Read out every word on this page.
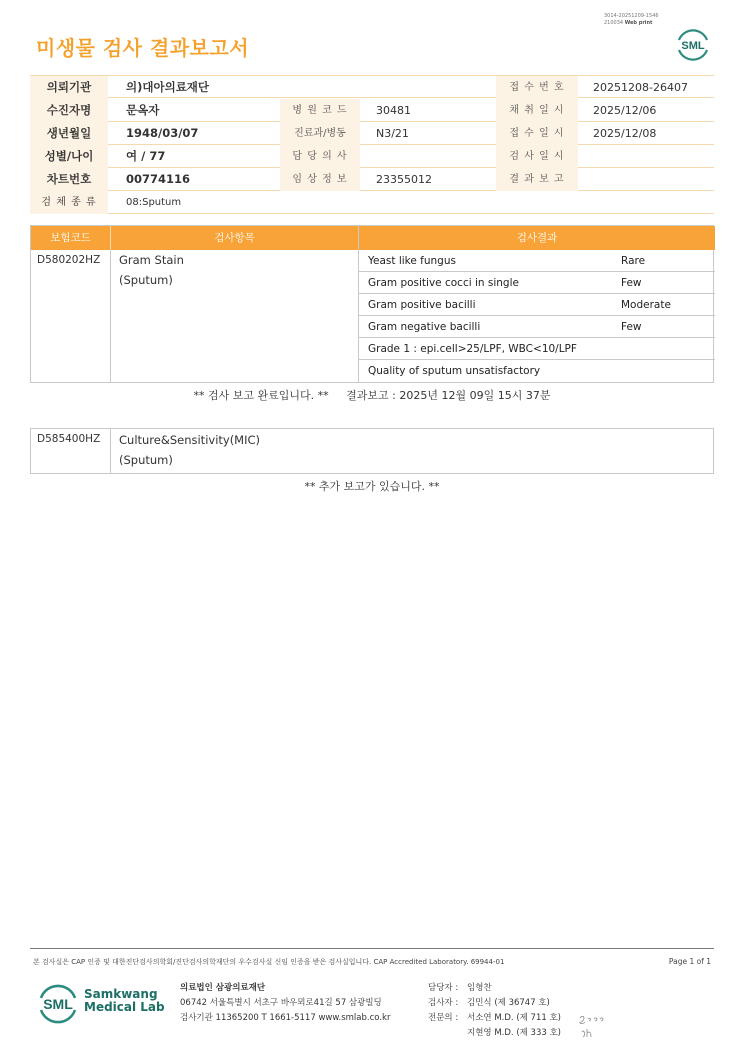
3014-20251209-1546
210034 Web print
미생물 검사 결과보고서	SML
의뢰기관	의)대아의료재단	접 수 번 호	20251208-26407
수진자명	문옥자	병 원 코 드	30481	채 취 일 시	2025/12/06
생년월일	1948/03/07	진료과/병동	N3/21	접 수 일 시	2025/12/08
성별/나이	여 / 77	담 당 의 사	검 사 일 시
차트번호	00774116	임 상 정 보	23355012	결 과 보 고
검 체 종 류	08:Sputum
보험코드	검사항목	검사결과
D580202HZ Gram Stain
(Sputum)
Yeast like fungus	Rare
Gram positive cocci in single	Few
Gram positive bacilli	Moderate
Gram negative bacilli	Few
Grade 1 : epi.cell>25/LPF, WBC<10/LPF
Quality of sputum unsatisfactory
** 검사 보고 완료입니다. **     결과보고 : 2025년 12월 09일 15시 37분
D585400HZ Culture&Sensitivity(MIC)
(Sputum)
** 추가 보고가 있습니다. **
본 검사실은 CAP 인증 및 대한진단검사의학회/진단검사의학재단의 우수검사실 신임 인증을 받은 검사실입니다. CAP Accredited Laboratory. 69944-01	Page 1 of 1
SML
Samkwang
Medical Lab
의료법인 삼광의료재단
06742 서울특별시 서초구 바우뫼로41길 57 삼광빌딩
검사기관 11365200 T 1661-5117 www.smlab.co.kr
담당자 : 임형찬
검사자 : 김민식 (제 36747 호)
전문의 : 서소연 M.D. (제 711 호)
지현영 M.D. (제 333 호)
